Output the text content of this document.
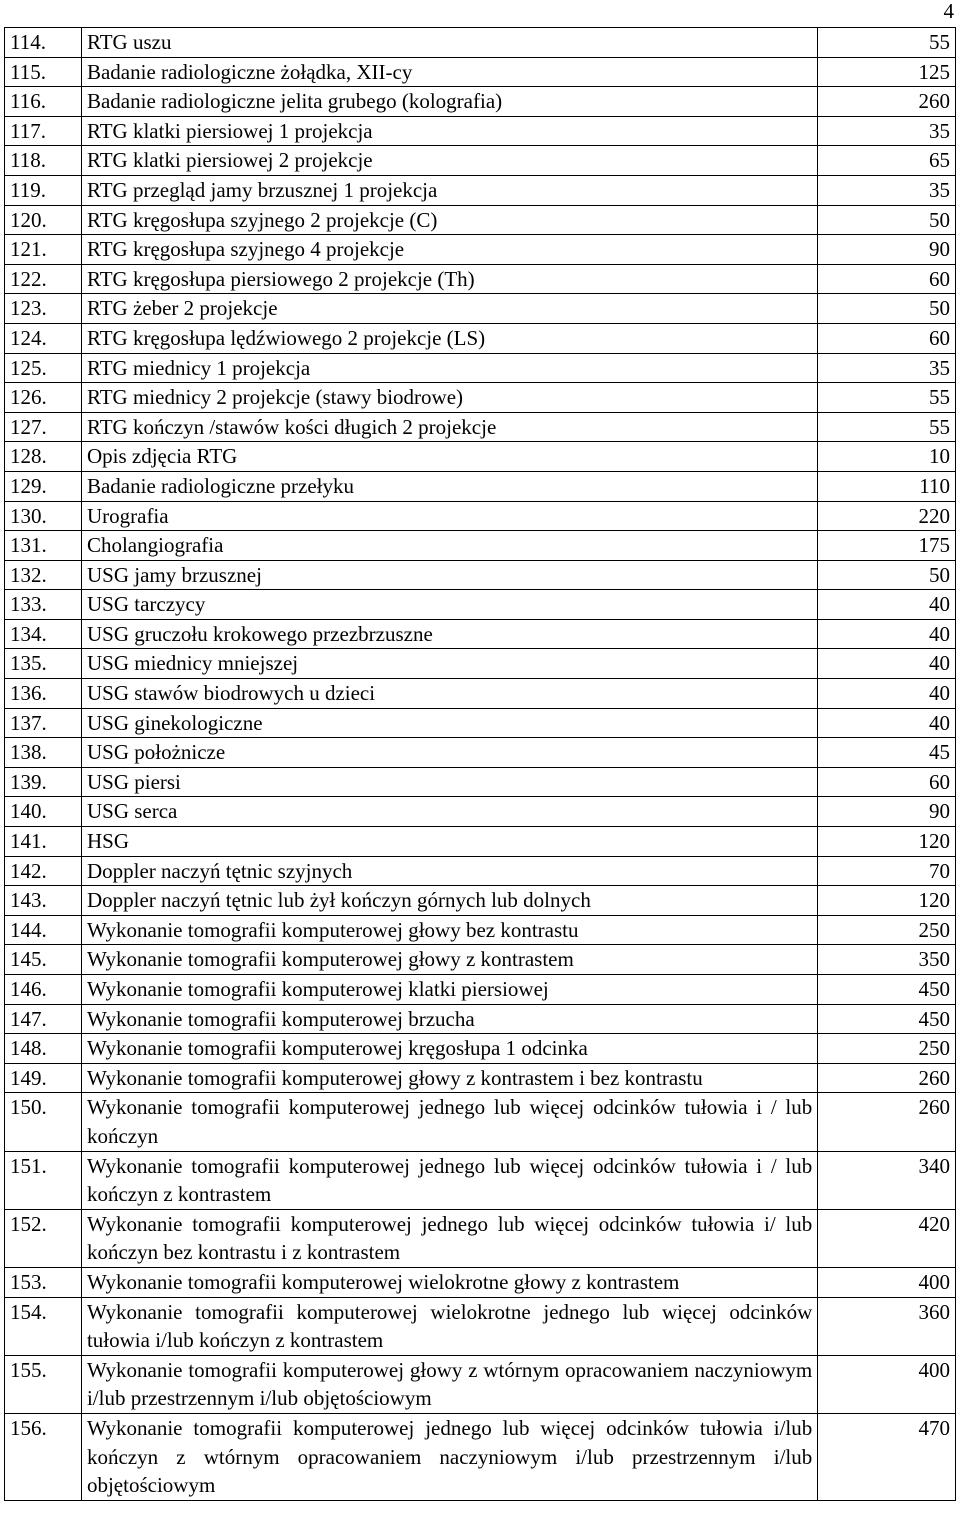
4
114.	RTG uszu	55
115.	Badanie radiologiczne żołądka, XII-cy	125
116.	Badanie radiologiczne jelita grubego (kolografia)	260
117.	RTG klatki piersiowej 1 projekcja	35
118.	RTG klatki piersiowej 2 projekcje	65
119.	RTG przegląd jamy brzusznej 1 projekcja	35
120.	RTG kręgosłupa szyjnego 2 projekcje (C)	50
121.	RTG kręgosłupa szyjnego 4 projekcje	90
122.	RTG kręgosłupa piersiowego 2 projekcje (Th)	60
123.	RTG żeber 2 projekcje	50
124.	RTG kręgosłupa lędźwiowego 2 projekcje (LS)	60
125.	RTG miednicy 1 projekcja	35
126.	RTG miednicy 2 projekcje (stawy biodrowe)	55
127.	RTG kończyn /stawów kości długich 2 projekcje	55
128.	Opis zdjęcia RTG	10
129.	Badanie radiologiczne przełyku	110
130.	Urografia	220
131.	Cholangiografia	175
132.	USG jamy brzusznej	50
133.	USG tarczycy	40
134.	USG gruczołu krokowego przezbrzuszne	40
135.	USG miednicy mniejszej	40
136.	USG stawów biodrowych u dzieci	40
137.	USG ginekologiczne	40
138.	USG położnicze	45
139.	USG piersi	60
140.	USG serca	90
141.	HSG	120
142.	Doppler naczyń tętnic szyjnych	70
143.	Doppler naczyń tętnic lub żył kończyn górnych lub dolnych	120
144.	Wykonanie tomografii komputerowej głowy bez kontrastu	250
145.	Wykonanie tomografii komputerowej głowy z kontrastem	350
146.	Wykonanie tomografii komputerowej klatki piersiowej	450
147.	Wykonanie tomografii komputerowej brzucha	450
148.	Wykonanie tomografii komputerowej kręgosłupa 1 odcinka	250
149.	Wykonanie tomografii komputerowej głowy z kontrastem i bez kontrastu	260
150.	Wykonanie tomografii komputerowej jednego lub więcej odcinków tułowia i / lub kończyn	260
151.	Wykonanie tomografii komputerowej jednego lub więcej odcinków tułowia i / lub kończyn z kontrastem	340
152.	Wykonanie tomografii komputerowej jednego lub więcej odcinków tułowia i/ lub kończyn bez kontrastu i z kontrastem	420
153.	Wykonanie tomografii komputerowej wielokrotne głowy z kontrastem	400
154.	Wykonanie tomografii komputerowej wielokrotne jednego lub więcej odcinków tułowia i/lub kończyn z kontrastem	360
155.	Wykonanie tomografii komputerowej głowy z wtórnym opracowaniem naczyniowym i/lub przestrzennym i/lub objętościowym	400
156.	Wykonanie tomografii komputerowej jednego lub więcej odcinków tułowia i/lub kończyn z wtórnym opracowaniem naczyniowym i/lub przestrzennym i/lub objętościowym	470
